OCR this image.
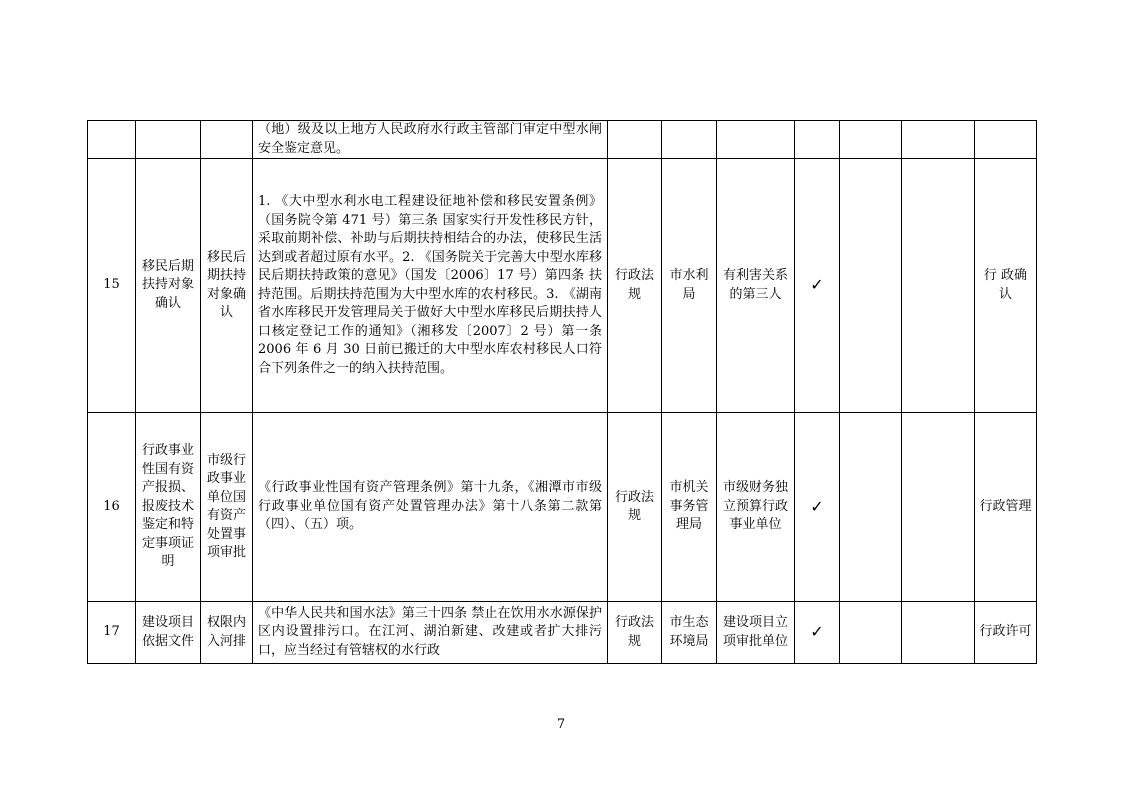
			（地）级及以上地方人民政府水行政主管部门审定中型水闸安全鉴定意见。							
15	移民后期扶持对象确认	移民后期扶持对象确认	1. 《大中型水利水电工程建设征地补偿和移民安置条例》（国务院令第 471 号）第三条 国家实行开发性移民方针，采取前期补偿、补助与后期扶持相结合的办法，使移民生活达到或者超过原有水平。2. 《国务院关于完善大中型水库移民后期扶持政策的意见》（国发〔2006〕17 号）第四条 扶持范围。后期扶持范围为大中型水库的农村移民。3. 《湖南省水库移民开发管理局关于做好大中型水库移民后期扶持人口核定登记工作的通知》（湘移发〔2007〕2 号）第一条 2006 年 6 月 30 日前已搬迁的大中型水库农村移民人口符合下列条件之一的纳入扶持范围。	行政法规	市水利局	有利害关系的第三人	✓			行 政确认
16	行政事业性国有资产报损、报废技术鉴定和特定事项证明	市级行政事业单位国有资产处置事项审批	《行政事业性国有资产管理条例》第十九条，《湘潭市市级行政事业单位国有资产处置管理办法》第十八条第二款第（四）、（五）项。	行政法规	市机关事务管理局	市级财务独立预算行政事业单位	✓			行政管理
17	建设项目依据文件	权限内入河排	《中华人民共和国水法》第三十四条 禁止在饮用水水源保护区内设置排污口。在江河、湖泊新建、改建或者扩大排污口，应当经过有管辖权的水行政	行政法规	市生态环境局	建设项目立项审批单位	✓			行政许可
7
